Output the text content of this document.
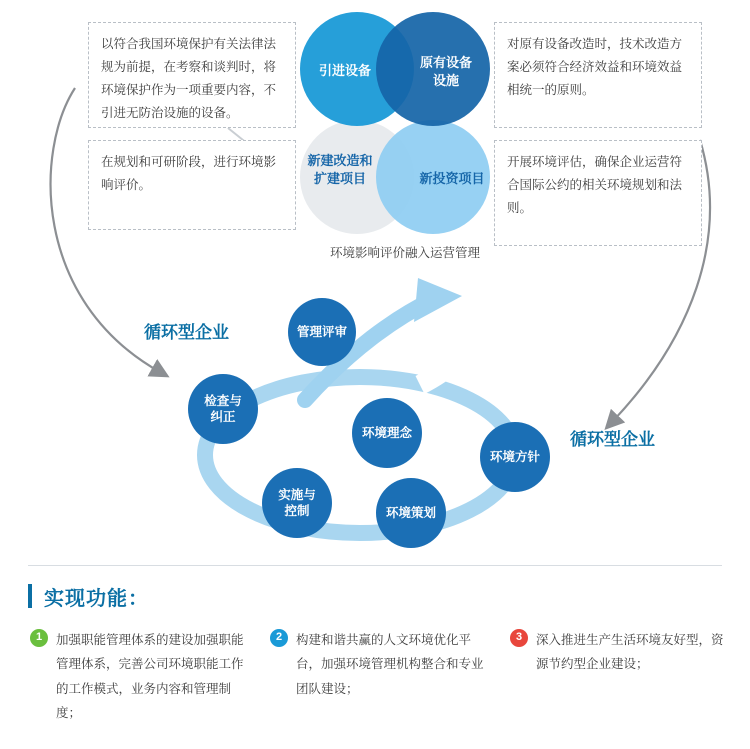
以符合我国环境保护有关法律法规为前提，在考察和谈判时，将环境保护作为一项重要内容，不引进无防治设施的设备。

在规划和可研阶段，进行环境影响评价。

对原有设备改造时，技术改造方案必须符合经济效益和环境效益相统一的原则。

开展环境评估，确保企业运营符合国际公约的相关环境规划和法则。

引进设备
原有设备
设施
新建改造和
扩建项目	新投资项目
环境影响评价融入运营管理
循环型企业
循环型企业
管理评审
检查与
纠正
环境理念
环境方针
实施与
控制	环境策划
实现功能：
1	加强职能管理体系的建设加强职能管理体系，完善公司环境职能工作的工作模式，业务内容和管理制度；
2	构建和谐共赢的人文环境优化平台，加强环境管理机构整合和专业团队建设；
3	深入推进生产生活环境友好型，资源节约型企业建设；
